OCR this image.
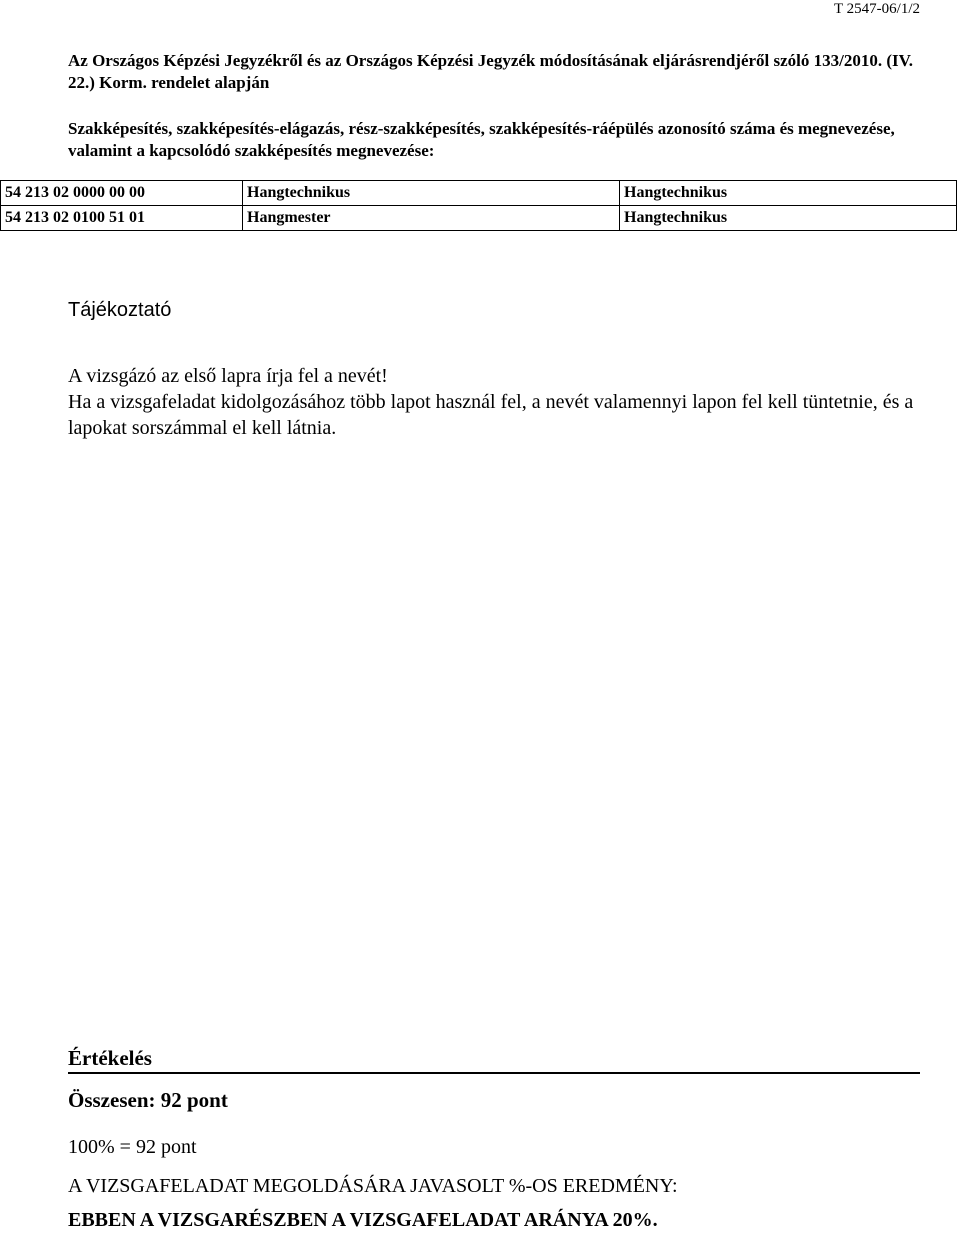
T 2547-06/1/2

Az Országos Képzési Jegyzékről és az Országos Képzési Jegyzék módosításának eljárásrendjéről szóló 133/2010. (IV. 22.) Korm. rendelet alapján

Szakképesítés, szakképesítés-elágazás, rész-szakképesítés, szakképesítés-ráépülés azonosító száma és megnevezése, valamint a kapcsolódó szakképesítés megnevezése:

54 213 02 0000 00 00	Hangtechnikus	Hangtechnikus
54 213 02 0100 51 01	Hangmester	Hangtechnikus
Tájékoztató

A vizsgázó az első lapra írja fel a nevét!

Ha a vizsgafeladat kidolgozásához több lapot használ fel, a nevét valamennyi lapon fel kell tüntetnie, és a lapokat sorszámmal el kell látnia.

Értékelés
Összesen: 92 pont
100% = 92 pont
A VIZSGAFELADAT MEGOLDÁSÁRA JAVASOLT %-OS EREDMÉNY:
EBBEN A VIZSGARÉSZBEN A VIZSGAFELADAT ARÁNYA 20%.
